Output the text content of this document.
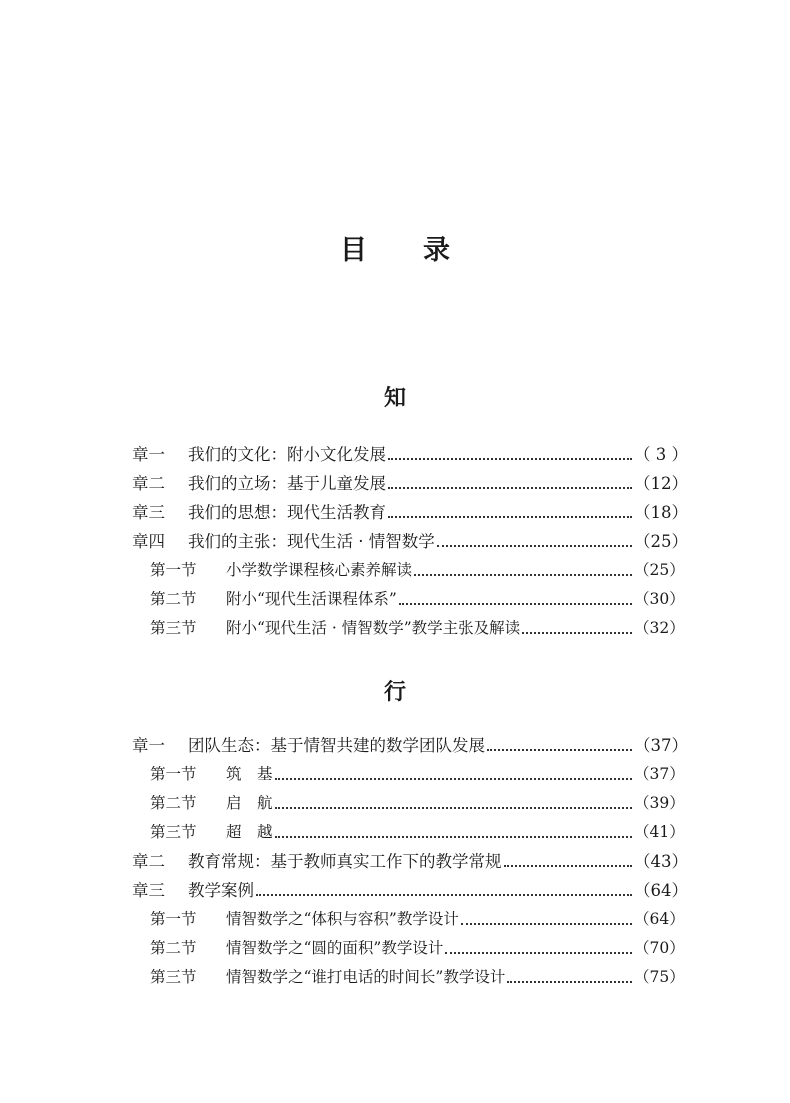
目 录
知
章一	我们的文化：附小文化发展	（ 3 ）
章二	我们的立场：基于儿童发展	（12）
章三	我们的思想：现代生活教育	（18）
章四	我们的主张：现代生活 · 情智数学	（25）
第一节	小学数学课程核心素养解读	（25）
第二节	附小“现代生活课程体系”	（30）
第三节	附小“现代生活 · 情智数学”教学主张及解读	（32）
行
章一	团队生态：基于情智共建的数学团队发展	（37）
第一节	筑　基	（37）
第二节	启　航	（39）
第三节	超　越	（41）
章二	教育常规：基于教师真实工作下的教学常规	（43）
章三	教学案例	（64）
第一节	情智数学之“体积与容积”教学设计	（64）
第二节	情智数学之“圆的面积”教学设计	（70）
第三节	情智数学之“谁打电话的时间长”教学设计	（75）
